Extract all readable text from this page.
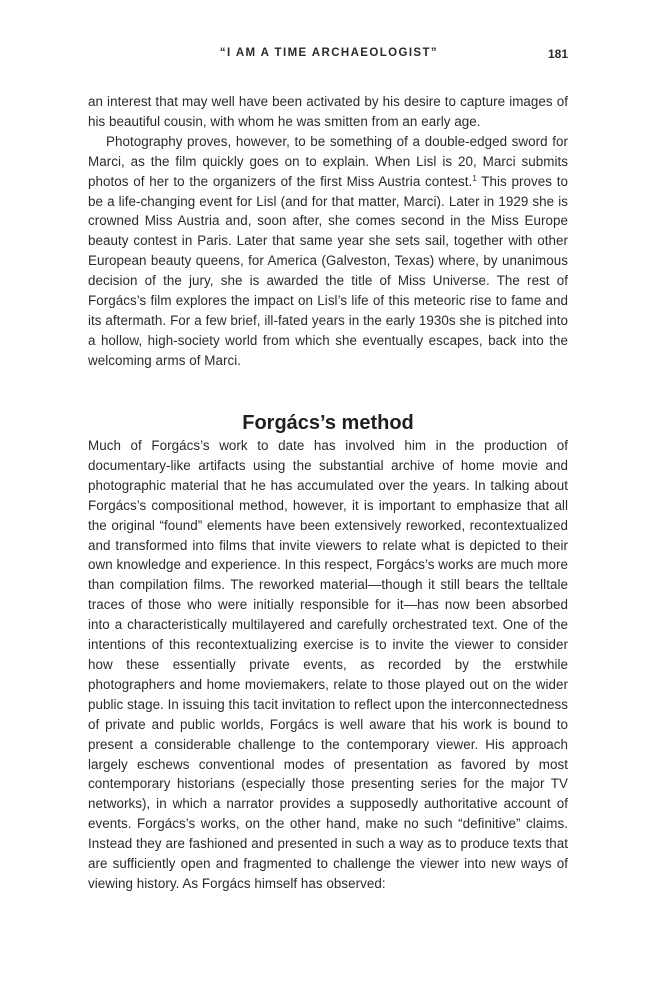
“I AM A TIME ARCHAEOLOGIST”	181

an interest that may well have been activated by his desire to capture images of his beautiful cousin, with whom he was smitten from an early age.

Photography proves, however, to be something of a double-edged sword for Marci, as the film quickly goes on to explain. When Lisl is 20, Marci submits photos of her to the organizers of the first Miss Austria contest.$^1$ This proves to be a life-changing event for Lisl (and for that matter, Marci). Later in 1929 she is crowned Miss Austria and, soon after, she comes second in the Miss Europe beauty contest in Paris. Later that same year she sets sail, together with other European beauty queens, for America (Galveston, Texas) where, by unanimous decision of the jury, she is awarded the title of Miss Universe. The rest of Forgács’s film explores the impact on Lisl’s life of this meteoric rise to fame and its aftermath. For a few brief, ill-fated years in the early 1930s she is pitched into a hollow, high-society world from which she eventually escapes, back into the welcoming arms of Marci.

Forgács’s method

Much of Forgács’s work to date has involved him in the production of documentary-like artifacts using the substantial archive of home movie and photographic material that he has accumulated over the years. In talking about Forgács’s compositional method, however, it is important to emphasize that all the original “found” elements have been extensively reworked, recontextualized and transformed into films that invite viewers to relate what is depicted to their own knowledge and experience. In this respect, Forgács’s works are much more than compilation films. The reworked material—though it still bears the telltale traces of those who were initially responsible for it—has now been absorbed into a characteristically multilayered and carefully orchestrated text. One of the intentions of this recontextualizing exercise is to invite the viewer to consider how these essentially private events, as recorded by the erstwhile photographers and home moviemakers, relate to those played out on the wider public stage. In issuing this tacit invitation to reflect upon the interconnectedness of private and public worlds, Forgács is well aware that his work is bound to present a considerable challenge to the contemporary viewer. His approach largely eschews conventional modes of presentation as favored by most contemporary historians (especially those presenting series for the major TV networks), in which a narrator provides a supposedly authoritative account of events. Forgács’s works, on the other hand, make no such “definitive” claims. Instead they are fashioned and presented in such a way as to produce texts that are sufficiently open and fragmented to challenge the viewer into new ways of viewing history. As Forgács himself has observed:
